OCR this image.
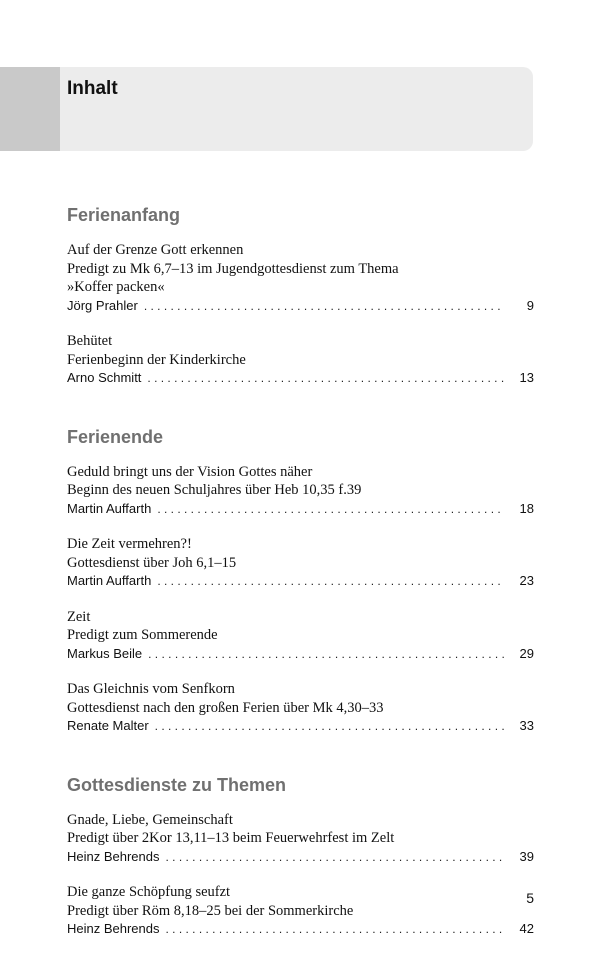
Inhalt
Ferienanfang
Auf der Grenze Gott erkennen
Predigt zu Mk 6,7–13 im Jugendgottesdienst zum Thema
»Koffer packen«
Jörg Prahler . . .	9
Behütet
Ferienbeginn der Kinderkirche
Arno Schmitt . . .	13
Ferienende
Geduld bringt uns der Vision Gottes näher
Beginn des neuen Schuljahres über Heb 10,35 f.39
Martin Auffarth . . .	18
Die Zeit vermehren?!
Gottesdienst über Joh 6,1–15
Martin Auffarth . . .	23
Zeit
Predigt zum Sommerende
Markus Beile . . .	29
Das Gleichnis vom Senfkorn
Gottesdienst nach den großen Ferien über Mk 4,30–33
Renate Malter . . .	33
Gottesdienste zu Themen
Gnade, Liebe, Gemeinschaft
Predigt über 2Kor 13,11–13 beim Feuerwehrfest im Zelt
Heinz Behrends . . .	39
Die ganze Schöpfung seufzt
Predigt über Röm 8,18–25 bei der Sommerkirche
Heinz Behrends . . .	42
5
